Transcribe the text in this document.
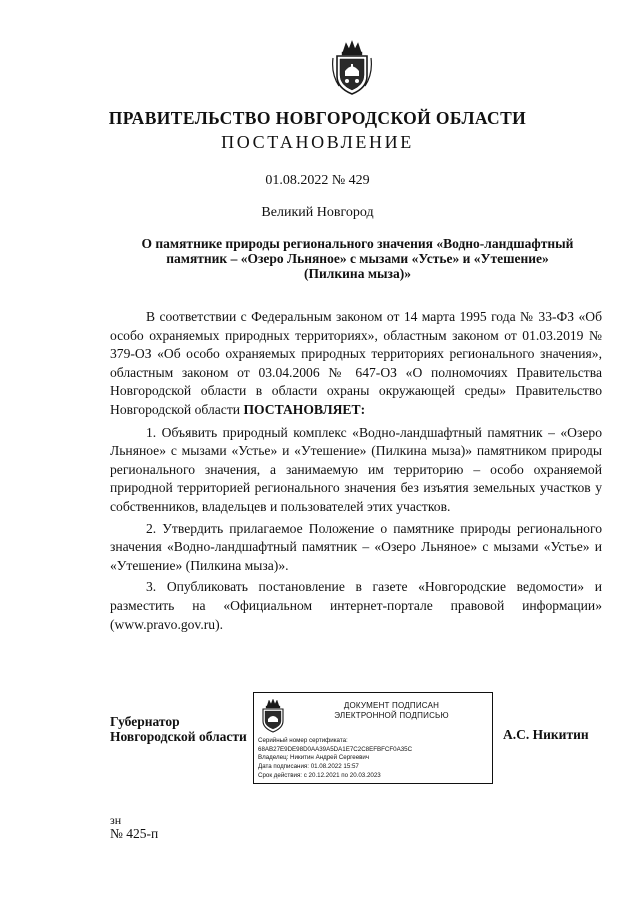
ПРАВИТЕЛЬСТВО НОВГОРОДСКОЙ ОБЛАСТИ
ПОСТАНОВЛЕНИЕ
01.08.2022 № 429
Великий Новгород
О памятнике природы регионального значения «Водно-ландшафтный
памятник – «Озеро Льняное» с мызами «Устье» и «Утешение»
(Пилкина мыза)»

В соответствии с Федеральным законом от 14 марта 1995 года № 33-ФЗ «Об особо охраняемых природных территориях», областным законом от 01.03.2019 № 379-ОЗ «Об особо охраняемых природных территориях регионального значения», областным законом от 03.04.2006 № 647-ОЗ «О полномочиях Правительства Новгородской области в области охраны окружающей среды» Правительство Новгородской области ПОСТАНОВЛЯЕТ:

1. Объявить природный комплекс «Водно-ландшафтный памятник – «Озеро Льняное» с мызами «Устье» и «Утешение» (Пилкина мыза)» памятником природы регионального значения, а занимаемую им территорию – особо охраняемой природной территорией регионального значения без изъятия земельных участков у собственников, владельцев и пользователей этих участков.

2. Утвердить прилагаемое Положение о памятнике природы регионального значения «Водно-ландшафтный памятник – «Озеро Льняное» с мызами «Устье» и «Утешение» (Пилкина мыза)».

3. Опубликовать постановление в газете «Новгородские ведомости» и разместить на «Официальном интернет-портале правовой информации» (www.pravo.gov.ru).

Губернатор
Новгородской области	А.С. Никитин
ДОКУМЕНТ ПОДПИСАН
ЭЛЕКТРОННОЙ ПОДПИСЬЮ
Серийный номер сертификата:
68AB27E9DE98D0AA39A5DA1E7C2C8EFBFCF0A35C
Владелец: Никитин Андрей Сергеевич
Дата подписания: 01.08.2022 15:57
Срок действия: с 20.12.2021 по 20.03.2023
зн
№ 425-п
